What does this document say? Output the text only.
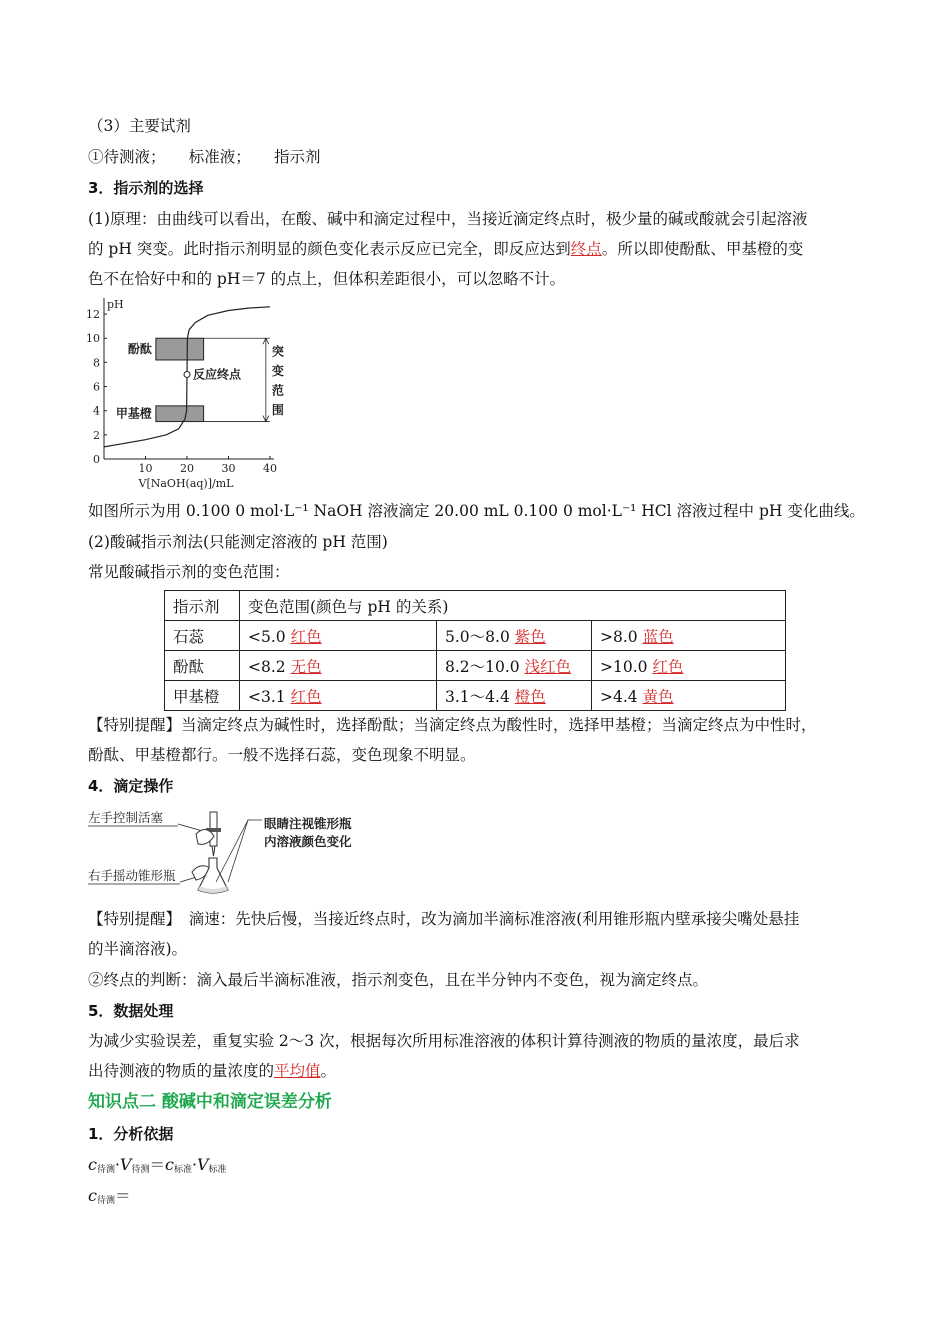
（3）主要试剂
①待测液；　　标准液；　　指示剂
3．指示剂的选择
(1)原理：由曲线可以看出，在酸、碱中和滴定过程中，当接近滴定终点时，极少量的碱或酸就会引起溶液
的 pH 突变。此时指示剂明显的颜色变化表示反应已完全，即反应达到终点。所以即使酚酞、甲基橙的变
色不在恰好中和的 pH＝7 的点上，但体积差距很小，可以忽略不计。
pH
0
2
4
6
8
10
12
10	20	30	40
V[NaOH(aq)]/mL
酚酞
甲基橙
反应终点
突
变
范
围
如图所示为用 0.100 0 mol·L⁻¹ NaOH 溶液滴定 20.00 mL 0.100 0 mol·L⁻¹ HCl 溶液过程中 pH 变化曲线。
(2)酸碱指示剂法(只能测定溶液的 pH 范围)
常见酸碱指示剂的变色范围：
指示剂	变色范围(颜色与 pH 的关系)		
石蕊	<5.0 红色	5.0～8.0 紫色	>8.0 蓝色
酚酞	<8.2 无色	8.2～10.0 浅红色	>10.0 红色
甲基橙	<3.1 红色	3.1～4.4 橙色	>4.4 黄色
【特别提醒】当滴定终点为碱性时，选择酚酞；当滴定终点为酸性时，选择甲基橙；当滴定终点为中性时，
酚酞、甲基橙都行。一般不选择石蕊，变色现象不明显。
4．滴定操作
左手控制活塞
右手摇动锥形瓶
眼睛注视锥形瓶
内溶液颜色变化
【特别提醒】　滴速：先快后慢，当接近终点时，改为滴加半滴标准溶液(利用锥形瓶内壁承接尖嘴处悬挂
的半滴溶液)。
②终点的判断：滴入最后半滴标准液，指示剂变色，且在半分钟内不变色，视为滴定终点。
5．数据处理
为减少实验误差，重复实验 2～3 次，根据每次所用标准溶液的体积计算待测液的物质的量浓度，最后求
出待测液的物质的量浓度的平均值。
知识点二 酸碱中和滴定误差分析
1．分析依据
$c_{待测}\cdot V_{待测}=c_{标准}\cdot V_{标准}$
$c_{待测}=$
